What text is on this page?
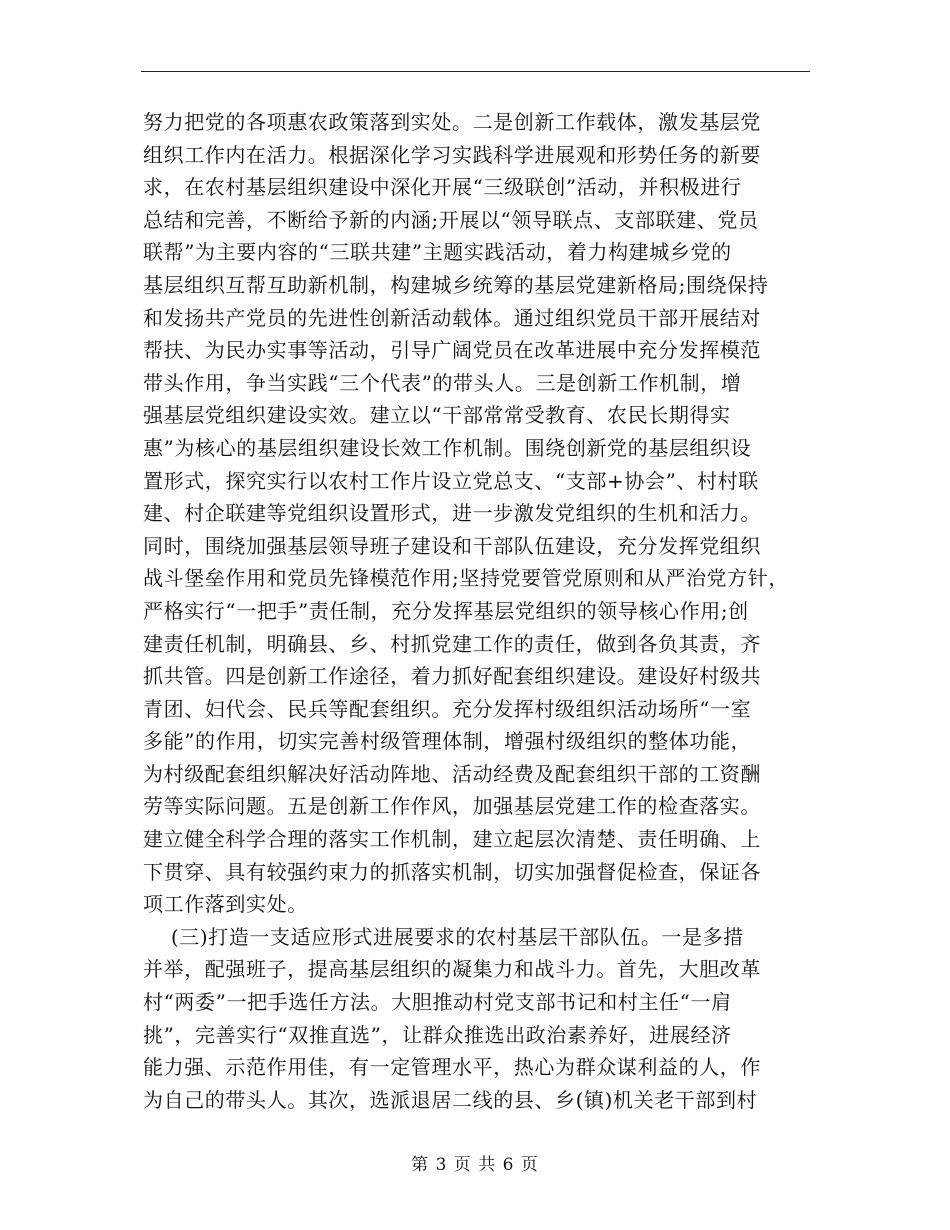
努力把党的各项惠农政策落到实处。二是创新工作载体，激发基层党
组织工作内在活力。根据深化学习实践科学进展观和形势任务的新要
求，在农村基层组织建设中深化开展“三级联创”活动，并积极进行
总结和完善，不断给予新的内涵;开展以“领导联点、支部联建、党员
联帮”为主要内容的“三联共建”主题实践活动，着力构建城乡党的
基层组织互帮互助新机制，构建城乡统筹的基层党建新格局;围绕保持
和发扬共产党员的先进性创新活动载体。通过组织党员干部开展结对
帮扶、为民办实事等活动，引导广阔党员在改革进展中充分发挥模范
带头作用，争当实践“三个代表”的带头人。三是创新工作机制，增
强基层党组织建设实效。建立以“干部常常受教育、农民长期得实
惠”为核心的基层组织建设长效工作机制。围绕创新党的基层组织设
置形式，探究实行以农村工作片设立党总支、“支部+协会”、村村联
建、村企联建等党组织设置形式，进一步激发党组织的生机和活力。
同时，围绕加强基层领导班子建设和干部队伍建设，充分发挥党组织
战斗堡垒作用和党员先锋模范作用;坚持党要管党原则和从严治党方针，
严格实行“一把手”责任制，充分发挥基层党组织的领导核心作用;创
建责任机制，明确县、乡、村抓党建工作的责任，做到各负其责，齐
抓共管。四是创新工作途径，着力抓好配套组织建设。建设好村级共
青团、妇代会、民兵等配套组织。充分发挥村级组织活动场所“一室
多能”的作用，切实完善村级管理体制，增强村级组织的整体功能，
为村级配套组织解决好活动阵地、活动经费及配套组织干部的工资酬
劳等实际问题。五是创新工作作风，加强基层党建工作的检查落实。
建立健全科学合理的落实工作机制，建立起层次清楚、责任明确、上
下贯穿、具有较强约束力的抓落实机制，切实加强督促检查，保证各
项工作落到实处。
(三)打造一支适应形式进展要求的农村基层干部队伍。一是多措
并举，配强班子，提高基层组织的凝集力和战斗力。首先，大胆改革
村“两委”一把手选任方法。大胆推动村党支部书记和村主任“一肩
挑”，完善实行“双推直选”，让群众推选出政治素养好，进展经济
能力强、示范作用佳，有一定管理水平，热心为群众谋利益的人，作
为自己的带头人。其次，选派退居二线的县、乡(镇)机关老干部到村
第 3 页 共 6 页
